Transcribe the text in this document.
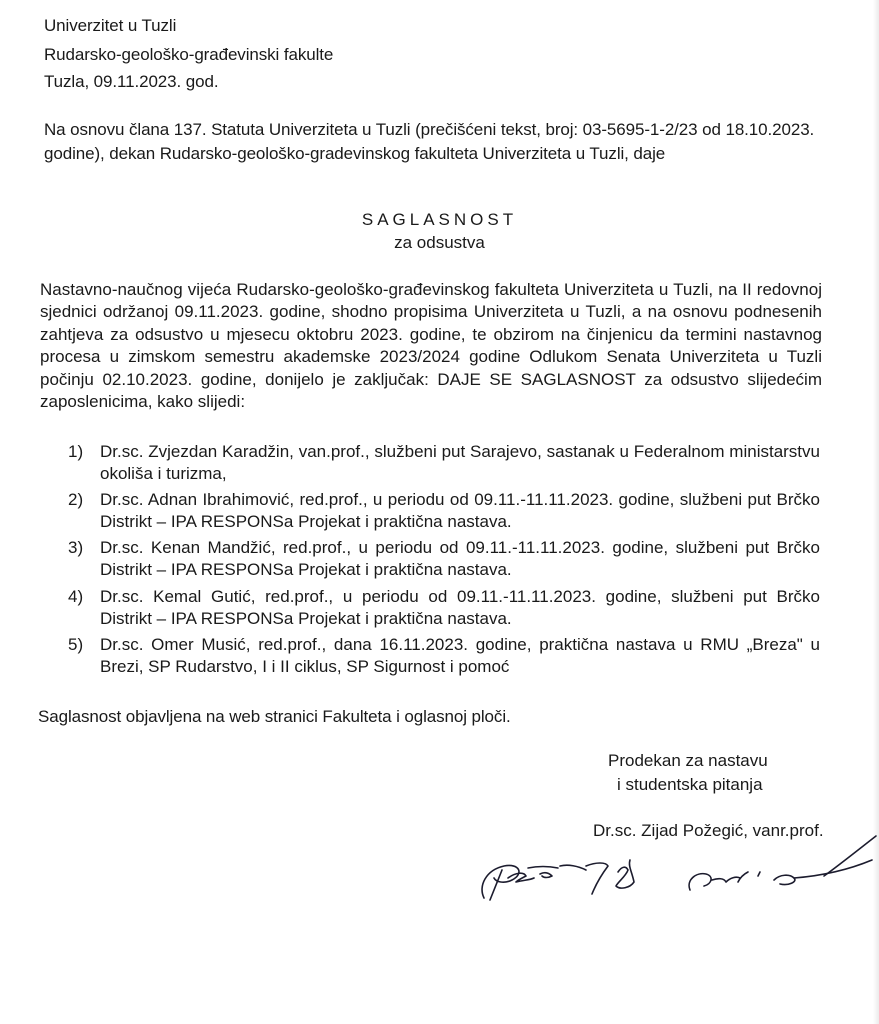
Univerzitet u Tuzli
Rudarsko-geološko-građevinski fakulte
Tuzla, 09.11.2023. god.
Na osnovu člana 137. Statuta Univerziteta u Tuzli (prečišćeni tekst, broj: 03-5695-1-2/23 od 18.10.2023.
godine), dekan Rudarsko-geološko-gradevinskog fakulteta Univerziteta u Tuzli, daje
SAGLASNOST
za odsustva
Nastavno-naučnog vijeća Rudarsko-geološko-građevinskog fakulteta Univerziteta u Tuzli, na II redovnoj sjednici održanoj 09.11.2023. godine, shodno propisima Univerziteta u Tuzli, a na osnovu podnesenih zahtjeva za odsustvo u mjesecu oktobru 2023. godine, te obzirom na činjenicu da termini nastavnog procesa u zimskom semestru akademske 2023/2024 godine Odlukom Senata Univerziteta u Tuzli počinju 02.10.2023. godine, donijelo je zaključak: DAJE SE SAGLASNOST za odsustvo slijedećim zaposlenicima, kako slijedi:
1) Dr.sc. Zvjezdan Karadžin, van.prof., službeni put Sarajevo, sastanak u Federalnom ministarstvu okoliša i turizma,
2) Dr.sc. Adnan Ibrahimović, red.prof., u periodu od 09.11.-11.11.2023. godine, službeni put Brčko Distrikt – IPA RESPONSa Projekat i praktična nastava.
3) Dr.sc. Kenan Mandžić, red.prof., u periodu od 09.11.-11.11.2023. godine, službeni put Brčko Distrikt – IPA RESPONSa Projekat i praktična nastava.
4) Dr.sc. Kemal Gutić, red.prof., u periodu od 09.11.-11.11.2023. godine, službeni put Brčko Distrikt – IPA RESPONSa Projekat i praktična nastava.
5) Dr.sc. Omer Musić, red.prof., dana 16.11.2023. godine, praktična nastava u RMU „Breza" u Brezi, SP Rudarstvo, I i II ciklus, SP Sigurnost i pomoć
Saglasnost objavljena na web stranici Fakulteta i oglasnoj ploči.
Prodekan za nastavu
i studentska pitanja
Dr.sc. Zijad Požegić, vanr.prof.
